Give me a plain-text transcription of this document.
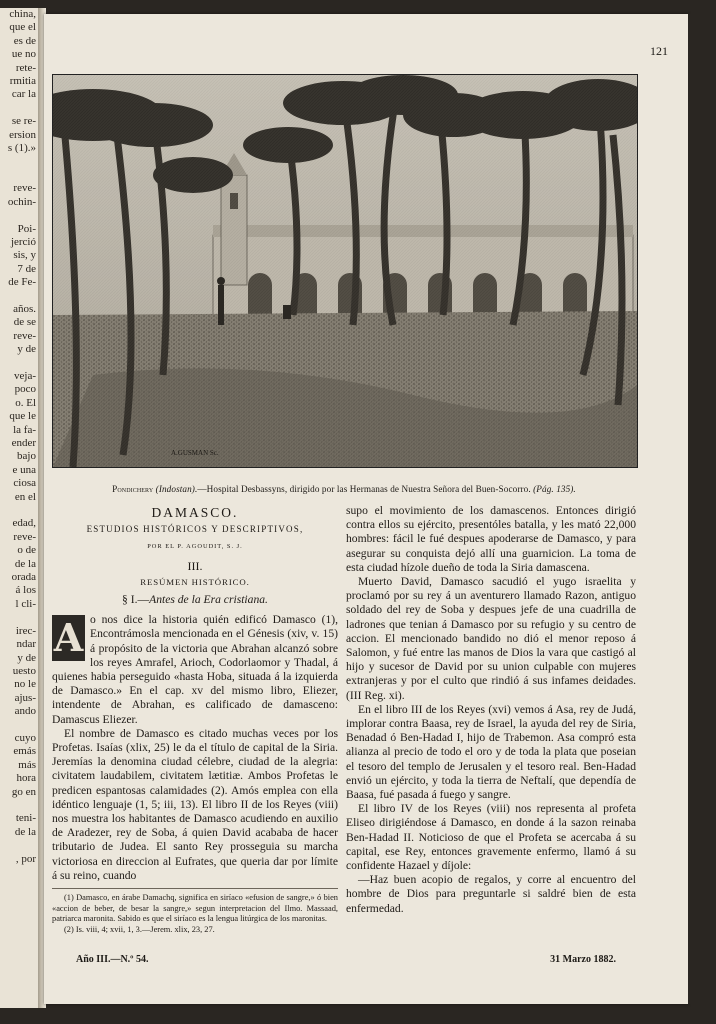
china,
que el
es de
ue no
rete-
rmitia
car la

se re-
ersion
s (1).»

reve-
ochin-

Poi-
jerció
sis, y
7 de
de Fe-

años.
de se
reve-
y de

veja-
poco
o. El
que le
la fa-
ender
bajo
e una
ciosa
en el

edad,
reve-
o de
de la
orada
á los
l cli-

irec-
ndar
y de
uesto
no le
ajus-
ando

cuyo
emás
más
hora
go en

teni-
de la

, por
121
A.GUSMAN Sc.
Pondichery (Indostan).—Hospital Desbassyns, dirigido por las Hermanas de Nuestra Señora del Buen-Socorro. (Pág. 135).
DAMASCO.
ESTUDIOS HISTÓRICOS Y DESCRIPTIVOS,
POR EL P. AGOUDIT, S. J.
III.
RESÚMEN HISTÓRICO.
§ I.—Antes de la Era cristiana.

A o nos dice la historia quién edificó Damasco (1), Encontrámosla mencionada en el Génesis (xiv, v. 15) á propósito de la victoria que Abrahan alcanzó sobre los reyes Amrafel, Arioch, Codorlaomor y Thadal, á quienes habia perseguido «hasta Hoba, situada á la izquierda de Damasco.» En el cap. xv del mismo libro, Eliezer, intendente de Abrahan, es calificado de damasceno: Damascus Eliezer.

El nombre de Damasco es citado muchas veces por los Profetas. Isaías (xlix, 25) le da el título de capital de la Siria. Jeremías la denomina ciudad célebre, ciudad de la alegria: civitatem laudabilem, civitatem lætitiæ. Ambos Profetas le predicen espantosas calamidades (2). Amós emplea con ella idéntico lenguaje (1, 5; iii, 13). El libro II de los Reyes (viii) nos muestra los habitantes de Damasco acudiendo en auxilio de Aradezer, rey de Soba, á quien David acababa de hacer tributario de Judea. El santo Rey prosseguia su marcha victoriosa en direccion al Eufrates, que queria dar por límite á su reino, cuando

(1) Damasco, en árabe Damachq, significa en siríaco «efusion de sangre,» ó bien «accion de beber, de besar la sangre,» segun interpretacion del Ilmo. Massaad, patriarca maronita. Sabido es que el siríaco es la lengua litúrgica de los maronitas.

(2) Is. viii, 4; xvii, 1, 3.—Jerem. xlix, 23, 27.

supo el movimiento de los damascenos. Entonces dirigió contra ellos su ejército, presentóles batalla, y les mató 22,000 hombres: fácil le fué despues apoderarse de Damasco, y para asegurar su conquista dejó allí una guarnicion. La toma de esta ciudad hízole dueño de toda la Siria damascena.

Muerto David, Damasco sacudió el yugo israelita y proclamó por su rey á un aventurero llamado Razon, antiguo soldado del rey de Soba y despues jefe de una cuadrilla de ladrones que tenian á Damasco por su refugio y su centro de accion. El mencionado bandido no dió el menor reposo á Salomon, y fué entre las manos de Dios la vara que castigó al hijo y sucesor de David por su union culpable con mujeres extranjeras y por el culto que rindió á sus infames deidades. (III Reg. xi).

En el libro III de los Reyes (xvi) vemos á Asa, rey de Judá, implorar contra Baasa, rey de Israel, la ayuda del rey de Siria, Benadad ó Ben-Hadad I, hijo de Trabemon. Asa compró esta alianza al precio de todo el oro y de toda la plata que poseian el tesoro del templo de Jerusalen y el tesoro real. Ben-Hadad envió un ejército, y toda la tierra de Neftalí, que dependía de Baasa, fué pasada á fuego y sangre.

El libro IV de los Reyes (viii) nos representa al profeta Eliseo dirigiéndose á Damasco, en donde á la sazon reinaba Ben-Hadad II. Noticioso de que el Profeta se acercaba á su capital, ese Rey, entonces gravemente enfermo, llamó á su confidente Hazael y díjole:

—Haz buen acopio de regalos, y corre al encuentro del hombre de Dios para preguntarle si saldré bien de esta enfermedad.

Año III.—N.º 54.	31 Marzo 1882.
